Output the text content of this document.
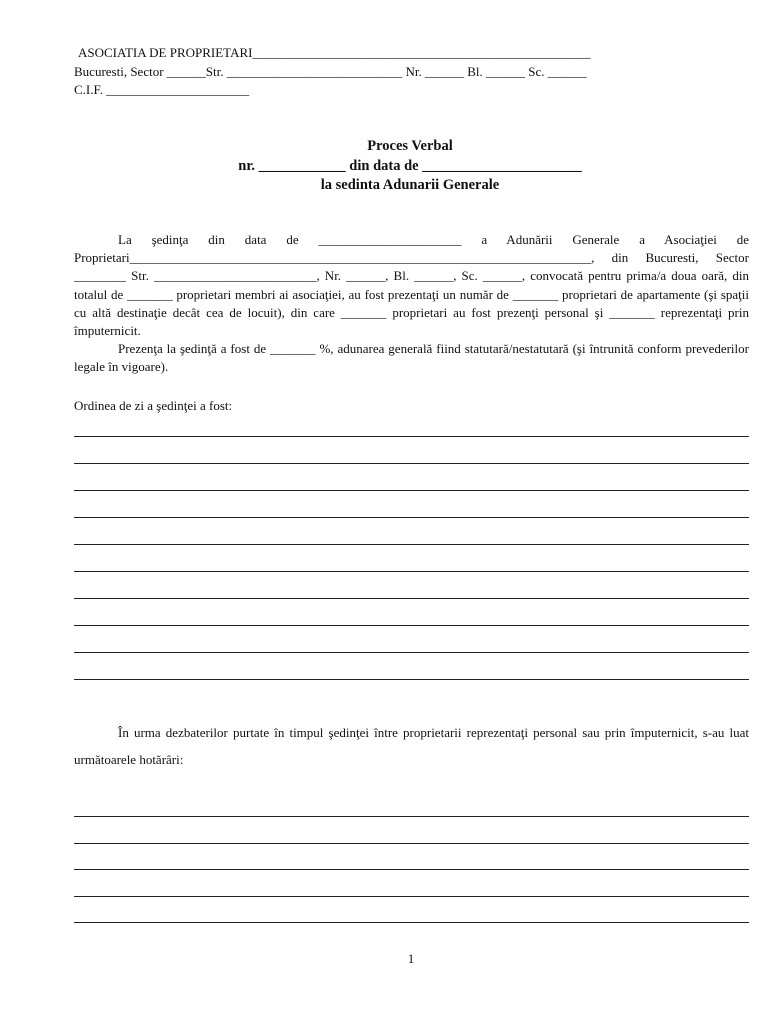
ASOCIATIA DE PROPRIETARI____________________________________________________
Bucuresti, Sector ______Str. ___________________________ Nr. ______ Bl. ______ Sc. ______
C.I.F. ______________________
Proces Verbal
nr. ____________ din data de ______________________
la sedinta Adunarii Generale
La şedinţa din data de ______________________ a Adunării Generale a Asociaţiei de Proprietari_______________________________________________________________________, din Bucuresti, Sector ________ Str. _________________________, Nr. ______, Bl. ______, Sc. ______, convocată pentru prima/a doua oară, din totalul de _______ proprietari membri ai asociaţiei, au fost prezentaţi un număr de _______ proprietari de apartamente (şi spaţii cu altă destinaţie decât cea de locuit), din care _______ proprietari au fost prezenţi personal şi _______ reprezentaţi prin împuternicit.
Prezenţa la şedinţă a fost de _______ %, adunarea generală fiind statutară/nestatutară (şi întrunită conform prevederilor legale în vigoare).
Ordinea de zi a şedinţei a fost:
În urma dezbaterilor purtate în timpul şedinţei între proprietarii reprezentaţi personal sau prin împuternicit, s-au luat următoarele hotărâri:
1
